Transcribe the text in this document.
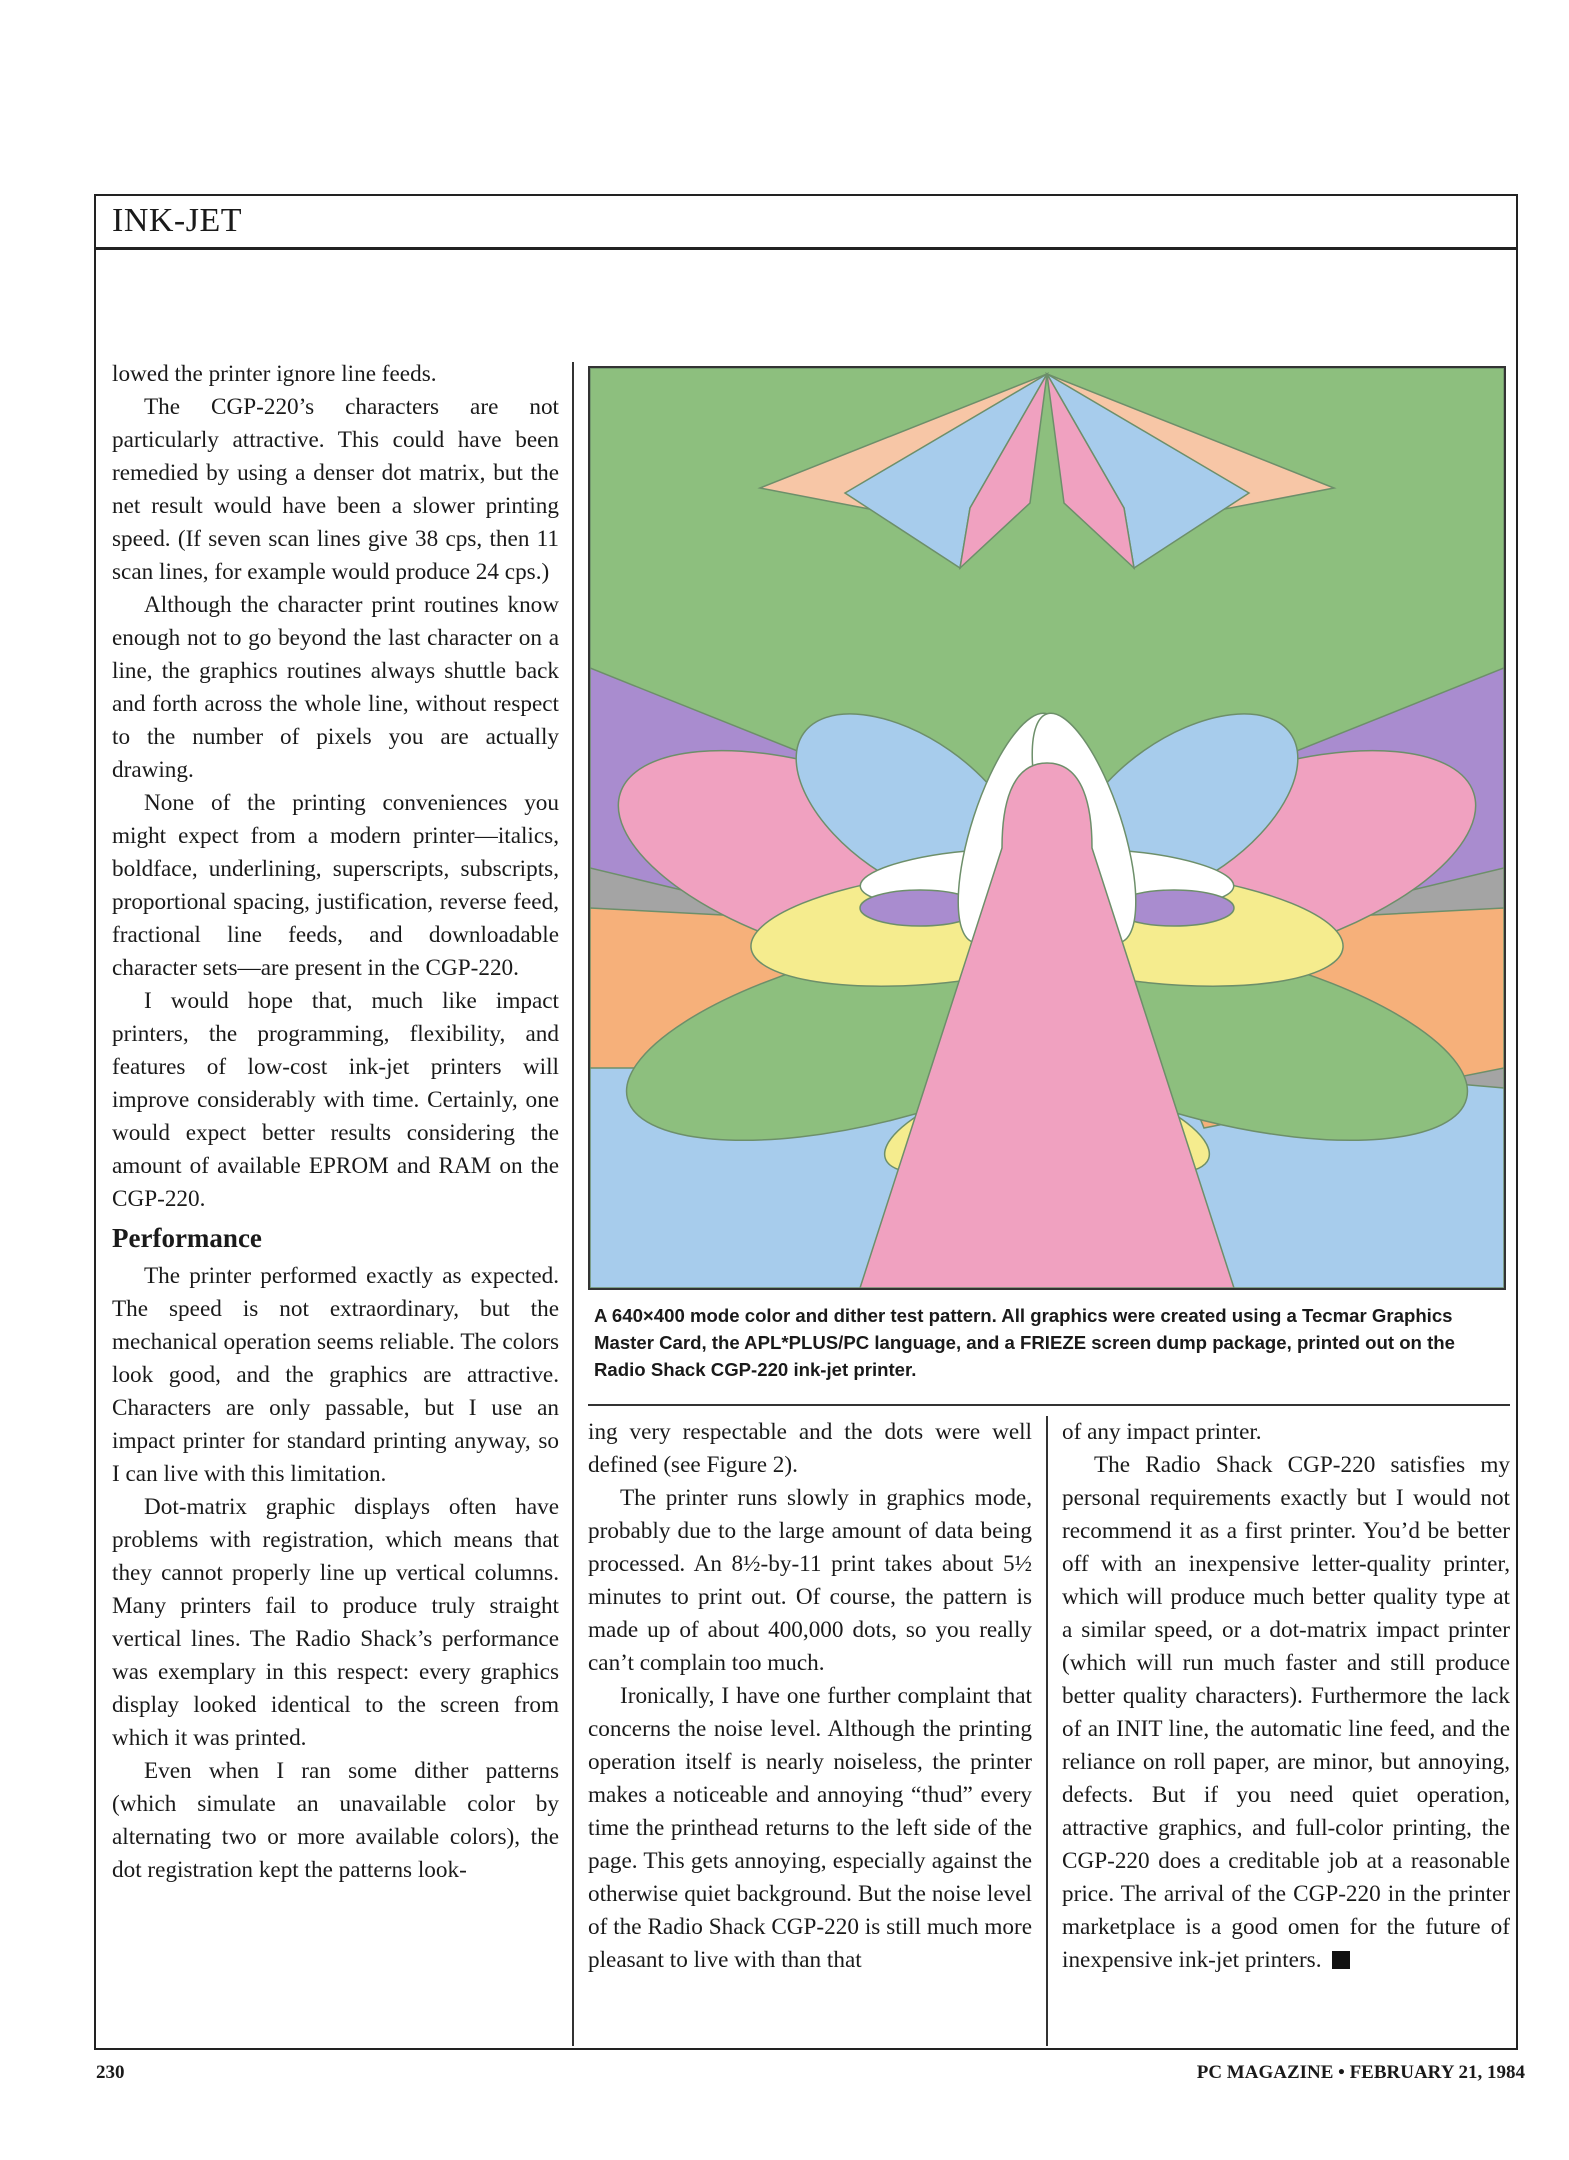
INK-JET

lowed the printer ignore line feeds.

The CGP-220’s characters are not particularly attractive. This could have been remedied by using a denser dot matrix, but the net result would have been a slower printing speed. (If seven scan lines give 38 cps, then 11 scan lines, for example would produce 24 cps.)

Although the character print routines know enough not to go beyond the last character on a line, the graphics routines always shuttle back and forth across the whole line, without respect to the number of pixels you are actually drawing.

None of the printing conveniences you might expect from a modern printer—italics, boldface, underlining, superscripts, subscripts, proportional spacing, justification, reverse feed, fractional line feeds, and downloadable character sets—are present in the CGP-220.

I would hope that, much like impact printers, the programming, flexibility, and features of low-cost ink-jet printers will improve considerably with time. Certainly, one would expect better results considering the amount of available EPROM and RAM on the CGP-220.

Performance

The printer performed exactly as expected. The speed is not extraordinary, but the mechanical operation seems reliable. The colors look good, and the graphics are attractive. Characters are only passable, but I use an impact printer for standard printing anyway, so I can live with this limitation.

Dot-matrix graphic displays often have problems with registration, which means that they cannot properly line up vertical columns. Many printers fail to produce truly straight vertical lines. The Radio Shack’s performance was exemplary in this respect: every graphics display looked identical to the screen from which it was printed.

Even when I ran some dither patterns (which simulate an unavailable color by alternating two or more available colors), the dot registration kept the patterns look-

A 640×400 mode color and dither test pattern. All graphics were created using a Tecmar Graphics Master Card, the APL*PLUS/PC language, and a FRIEZE screen dump package, printed out on the Radio Shack CGP-220 ink-jet printer.

ing very respectable and the dots were well defined (see Figure 2).

The printer runs slowly in graphics mode, probably due to the large amount of data being processed. An 8½-by-11 print takes about 5½ minutes to print out. Of course, the pattern is made up of about 400,000 dots, so you really can’t complain too much.

Ironically, I have one further complaint that concerns the noise level. Although the printing operation itself is nearly noiseless, the printer makes a noticeable and annoying “thud” every time the printhead returns to the left side of the page. This gets annoying, especially against the otherwise quiet background. But the noise level of the Radio Shack CGP-220 is still much more pleasant to live with than that

of any impact printer.

The Radio Shack CGP-220 satisfies my personal requirements exactly but I would not recommend it as a first printer. You’d be better off with an inexpensive letter-quality printer, which will produce much better quality type at a similar speed, or a dot-matrix impact printer (which will run much faster and still produce better quality characters). Furthermore the lack of an INIT line, the automatic line feed, and the reliance on roll paper, are minor, but annoying, defects. But if you need quiet operation, attractive graphics, and full-color printing, the CGP-220 does a creditable job at a reasonable price. The arrival of the CGP-220 in the printer marketplace is a good omen for the future of inexpensive ink-jet printers.

230	PC MAGAZINE • FEBRUARY 21, 1984
